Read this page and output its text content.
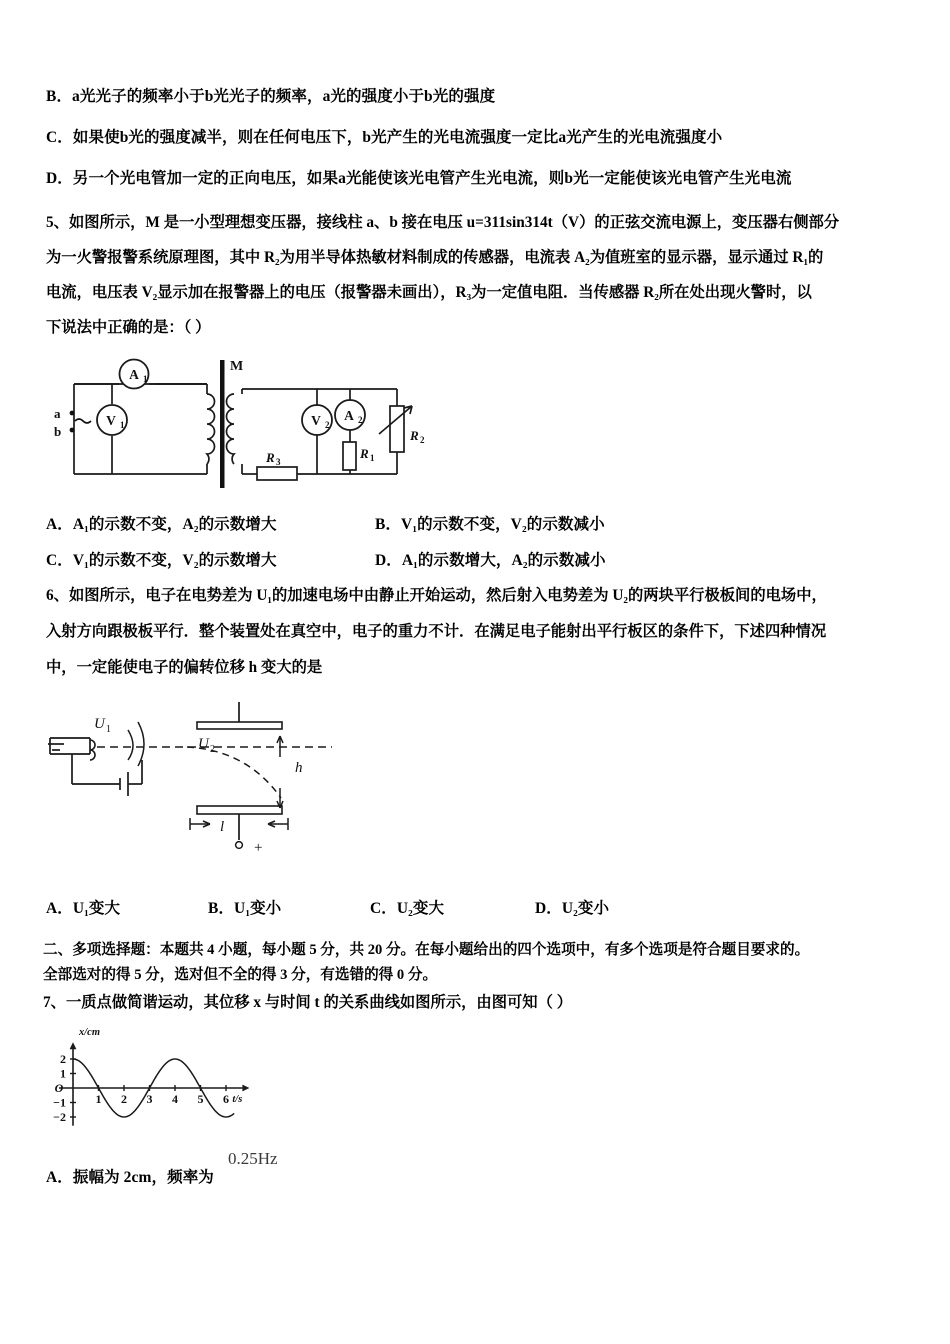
B．a光光子的频率小于b光光子的频率，a光的强度小于b光的强度
C．如果使b光的强度减半，则在任何电压下，b光产生的光电流强度一定比a光产生的光电流强度小
D．另一个光电管加一定的正向电压，如果a光能使该光电管产生光电流，则b光一定能使该光电管产生光电流
5、如图所示，M 是一小型理想变压器，接线柱 a、b 接在电压 u=311sin314t（V）的正弦交流电源上，变压器右侧部分
为一火警报警系统原理图，其中 R₂为用半导体热敏材料制成的传感器，电流表 A₂为值班室的显示器，显示通过 R₁的
电流，电压表 V₂显示加在报警器上的电压（报警器未画出），R₃为一定值电阻．当传感器 R₂所在处出现火警时，以
下说法中正确的是：（ ）
a
b
A 1
V 1
M
R 3
V 2
A 2
R 1
R 2
A．A₁的示数不变，A₂的示数增大	B．V₁的示数不变，V₂的示数减小
C．V₁的示数不变，V₂的示数增大	D．A₁的示数增大，A₂的示数减小
6、如图所示，电子在电势差为 U₁的加速电场中由静止开始运动，然后射入电势差为 U₂的两块平行极板间的电场中，
入射方向跟极板平行．整个装置处在真空中，电子的重力不计．在满足电子能射出平行板区的条件下，下述四种情况
中，一定能使电子的偏转位移 h 变大的是
U 1
U 2
+
h
l
A．U₁变大	B．U₁变小	C．U₂变大	D．U₂变小
二、多项选择题：本题共 4 小题，每小题 5 分，共 20 分。在每小题给出的四个选项中，有多个选项是符合题目要求的。
全部选对的得 5 分，选对但不全的得 3 分，有选错的得 0 分。
7、一质点做简谐运动，其位移 x 与时间 t 的关系曲线如图所示，由图可知（ ）
x/cm
t/s
O
2
1
−1
−2
1 2 3 4 5 6
A．振幅为 2cm，频率为
0.25Hz
